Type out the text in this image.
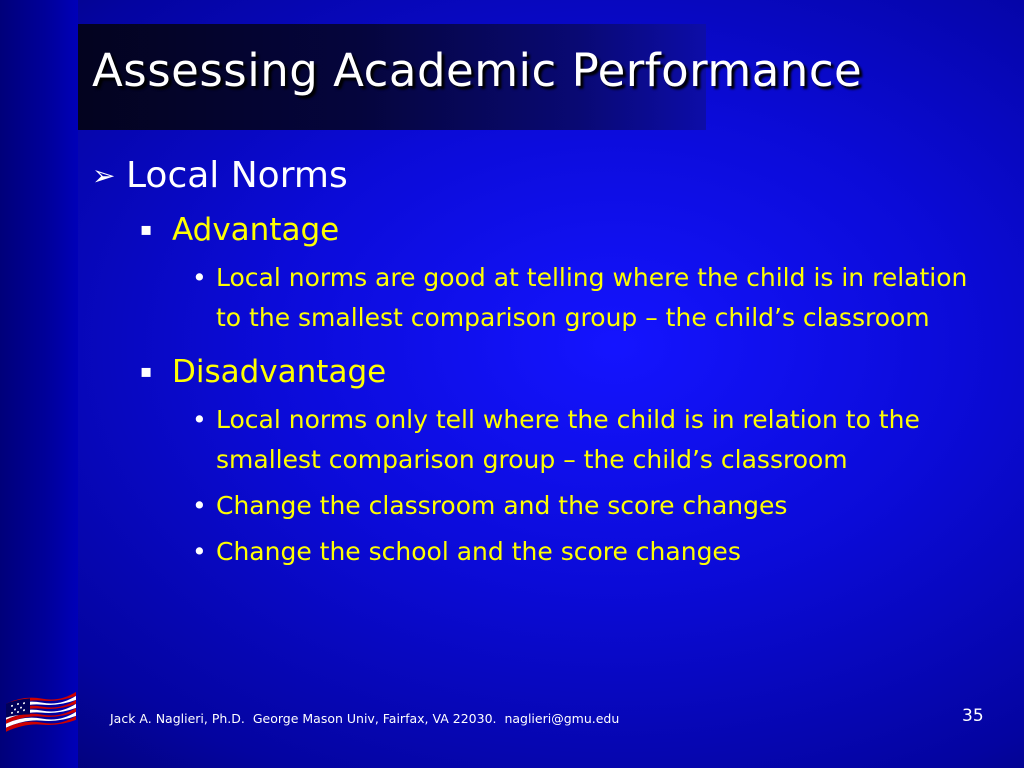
Assessing Academic Performance
➢ Local Norms
▪ Advantage
• Local norms are good at telling where the child is in relation to the smallest comparison group – the child’s classroom
▪ Disadvantage
• Local norms only tell where the child is in relation to the smallest comparison group – the child’s classroom
• Change the classroom and the score changes
• Change the school and the score changes
Jack A. Naglieri, Ph.D.  George Mason Univ, Fairfax, VA 22030.  naglieri@gmu.edu	35
